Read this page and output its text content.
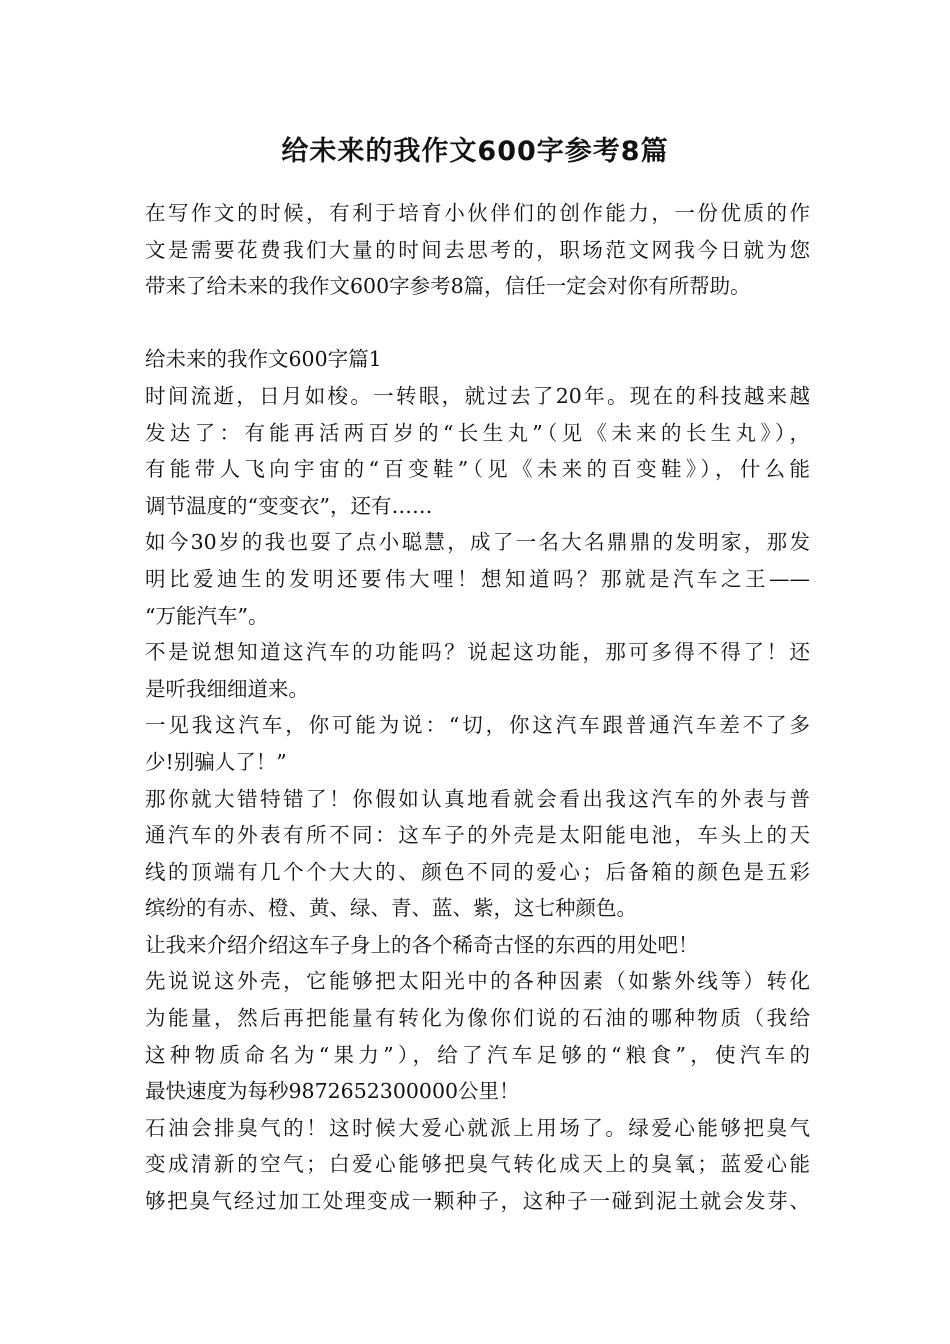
给未来的我作文600字参考8篇
在写作文的时候，有利于培育小伙伴们的创作能力，一份优质的作
文是需要花费我们大量的时间去思考的，职场范文网我今日就为您
带来了给未来的我作文600字参考8篇，信任一定会对你有所帮助。
给未来的我作文600字篇1
时间流逝，日月如梭。一转眼，就过去了20年。现在的科技越来越
发达了：有能再活两百岁的“长生丸”（见《未来的长生丸》），
有能带人飞向宇宙的“百变鞋”（见《未来的百变鞋》），什么能
调节温度的“变变衣”，还有……
如今30岁的我也耍了点小聪慧，成了一名大名鼎鼎的发明家，那发
明比爱迪生的发明还要伟大哩！想知道吗？那就是汽车之王——
“万能汽车”。
不是说想知道这汽车的功能吗？说起这功能，那可多得不得了！还
是听我细细道来。
一见我这汽车，你可能为说：“切，你这汽车跟普通汽车差不了多
少!别骗人了！”
那你就大错特错了！你假如认真地看就会看出我这汽车的外表与普
通汽车的外表有所不同：这车子的外壳是太阳能电池，车头上的天
线的顶端有几个个大大的、颜色不同的爱心；后备箱的颜色是五彩
缤纷的有赤、橙、黄、绿、青、蓝、紫，这七种颜色。
让我来介绍介绍这车子身上的各个稀奇古怪的东西的用处吧！
先说说这外壳，它能够把太阳光中的各种因素（如紫外线等）转化
为能量，然后再把能量有转化为像你们说的石油的哪种物质（我给
这种物质命名为“果力”），给了汽车足够的“粮食”，使汽车的
最快速度为每秒9872652300000公里！
石油会排臭气的！这时候大爱心就派上用场了。绿爱心能够把臭气
变成清新的空气；白爱心能够把臭气转化成天上的臭氧；蓝爱心能
够把臭气经过加工处理变成一颗种子，这种子一碰到泥土就会发芽、
